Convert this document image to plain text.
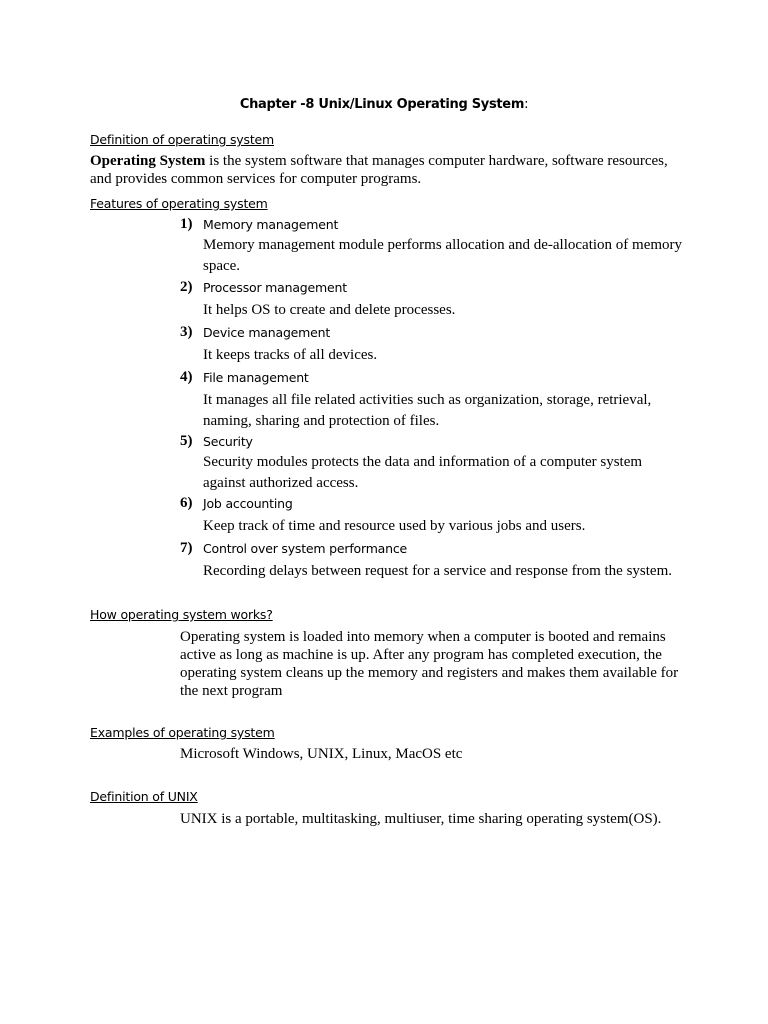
Chapter -8 Unix/Linux Operating System:
Definition of operating system
Operating System is the system software that manages computer hardware, software resources, and provides common services for computer programs.
Features of operating system
1) Memory management
Memory management module performs allocation and de-allocation of memory space.
2) Processor management
It helps OS to create and delete processes.
3) Device management
It keeps tracks of all devices.
4) File management
It manages all file related activities such as organization, storage, retrieval, naming, sharing and protection of files.
5) Security
Security modules protects the data and information of a computer system against authorized access.
6) Job accounting
Keep track of time and resource used by various jobs and users.
7) Control over system performance
Recording delays between request for a service and response from the system.
How operating system works?
Operating system is loaded into memory when a computer is booted and remains active as long as machine is up. After any program has completed execution, the operating system cleans up the memory and registers and makes them available for the next program
Examples of operating system
Microsoft Windows, UNIX, Linux, MacOS etc
Definition of UNIX
UNIX is a portable, multitasking, multiuser, time sharing operating system(OS).
